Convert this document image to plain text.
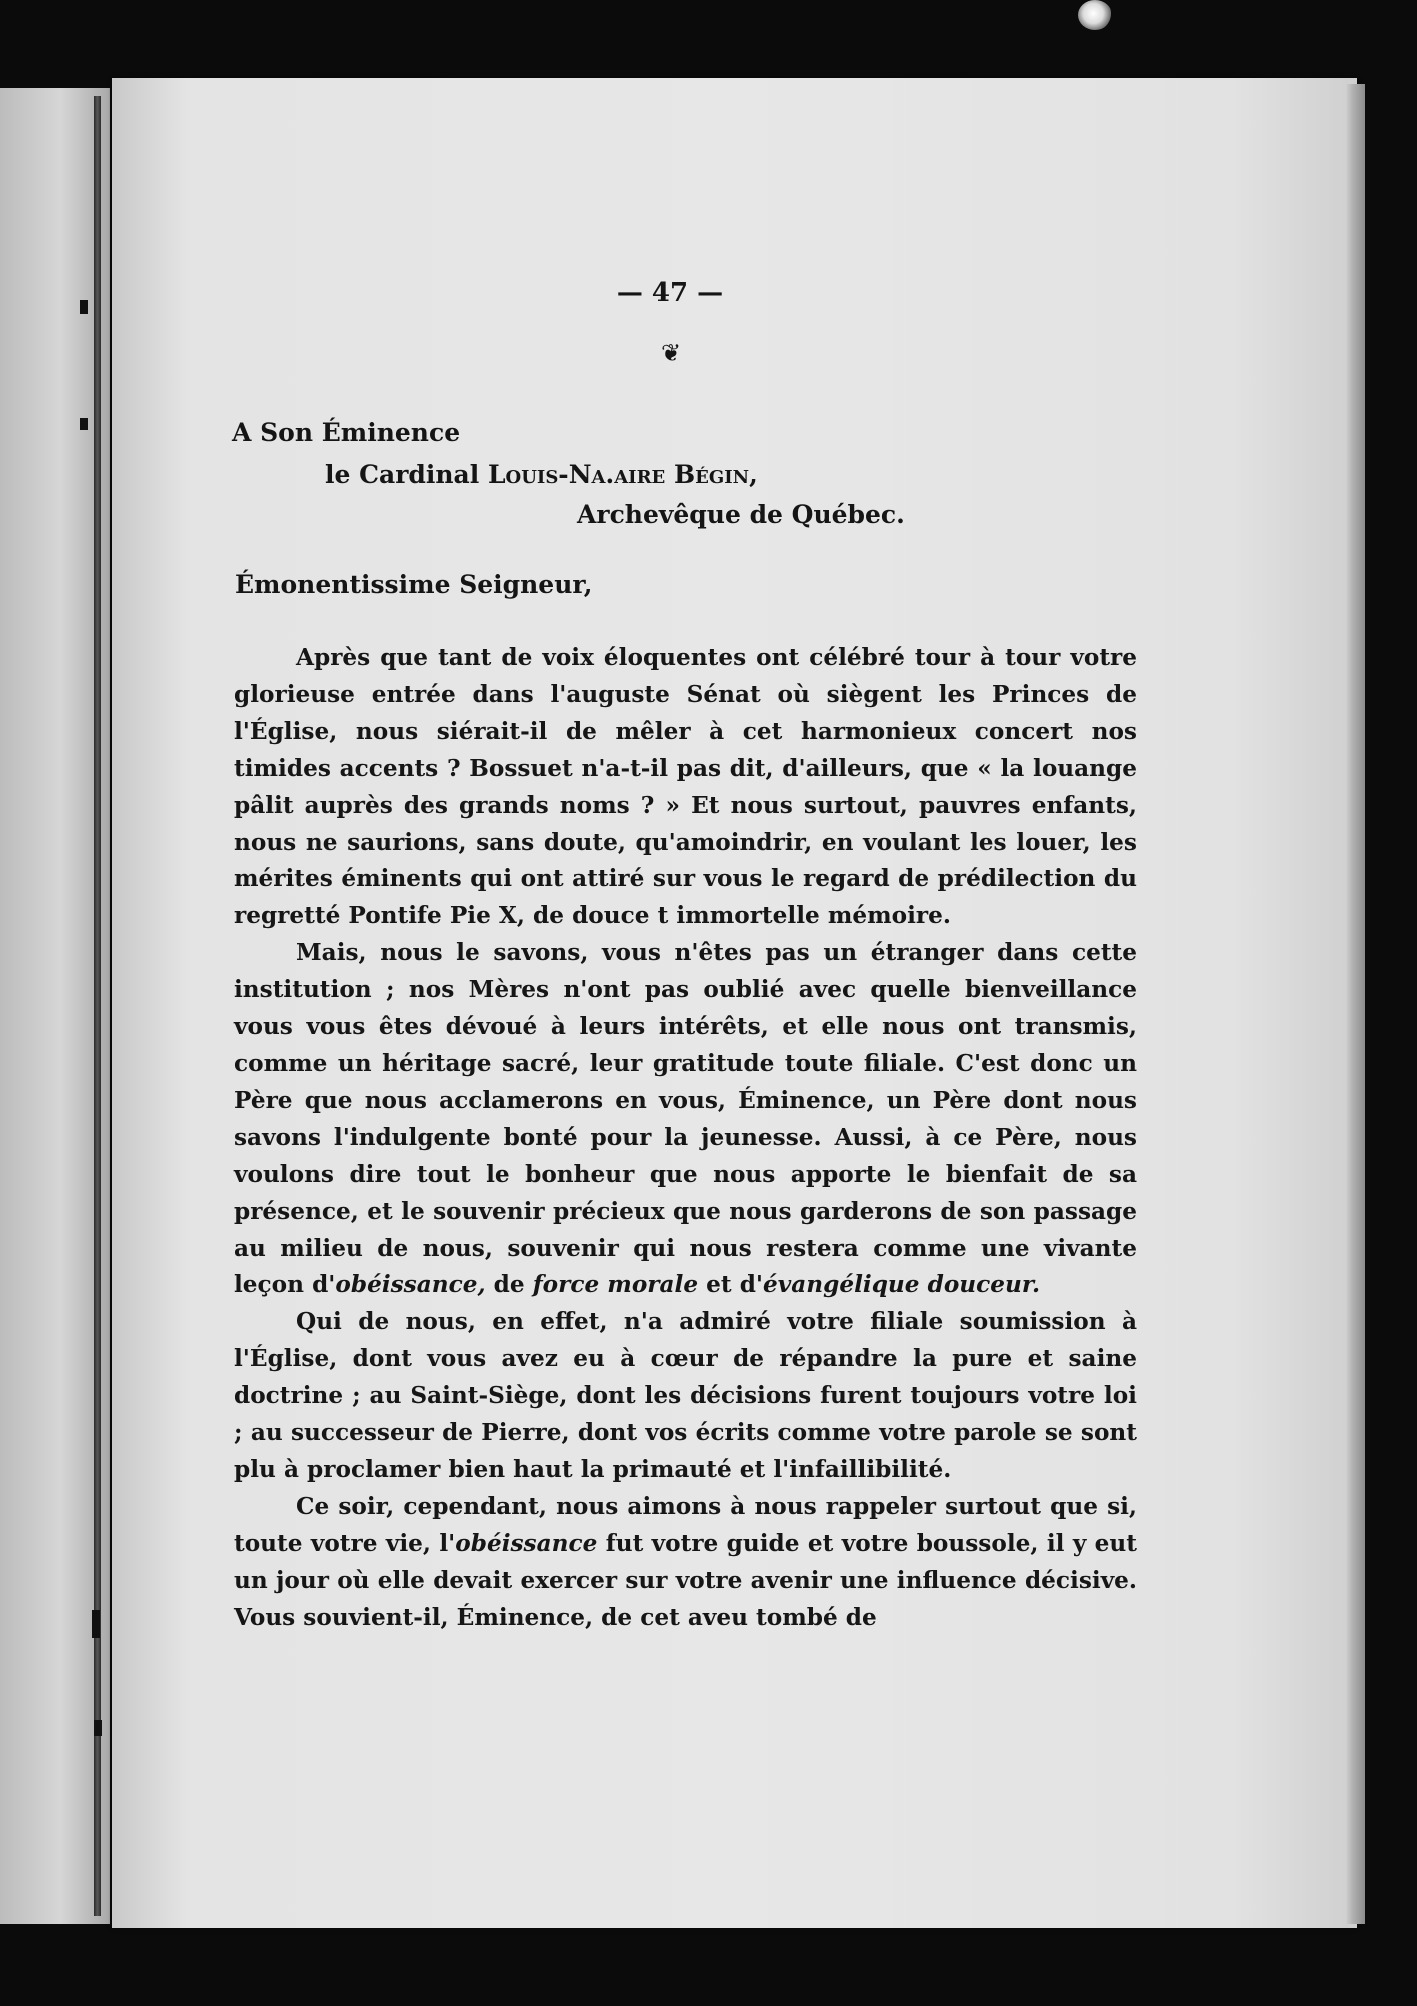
— 47 —
❦
A Son Éminence
le Cardinal Louis-Na.aire Bégin,
Archevêque de Québec.
Émonentissime Seigneur,

Après que tant de voix éloquentes ont célébré tour à tour votre glorieuse entrée dans l'auguste Sénat où siègent les Princes de l'Église, nous siérait-il de mêler à cet harmonieux concert nos timides accents ? Bossuet n'a-t-il pas dit, d'ailleurs, que « la louange pâlit auprès des grands noms ? » Et nous surtout, pauvres enfants, nous ne saurions, sans doute, qu'amoindrir, en voulant les louer, les mérites éminents qui ont attiré sur vous le regard de prédilection du regretté Pontife Pie X, de douce t immortelle mémoire.

Mais, nous le savons, vous n'êtes pas un étranger dans cette institution ; nos Mères n'ont pas oublié avec quelle bienveillance vous vous êtes dévoué à leurs intérêts, et elle nous ont transmis, comme un héritage sacré, leur gratitude toute filiale. C'est donc un Père que nous acclamerons en vous, Éminence, un Père dont nous savons l'indulgente bonté pour la jeunesse. Aussi, à ce Père, nous voulons dire tout le bonheur que nous apporte le bienfait de sa présence, et le souvenir précieux que nous garderons de son passage au milieu de nous, souvenir qui nous restera comme une vivante leçon d'obéissance, de force morale et d'évangélique douceur.

Qui de nous, en effet, n'a admiré votre filiale soumission à l'Église, dont vous avez eu à cœur de répandre la pure et saine doctrine ; au Saint-Siège, dont les décisions furent toujours votre loi ; au successeur de Pierre, dont vos écrits comme votre parole se sont plu à proclamer bien haut la primauté et l'infaillibilité.

Ce soir, cependant, nous aimons à nous rappeler surtout que si, toute votre vie, l'obéissance fut votre guide et votre boussole, il y eut un jour où elle devait exercer sur votre avenir une influence décisive. Vous souvient-il, Éminence, de cet aveu tombé de
